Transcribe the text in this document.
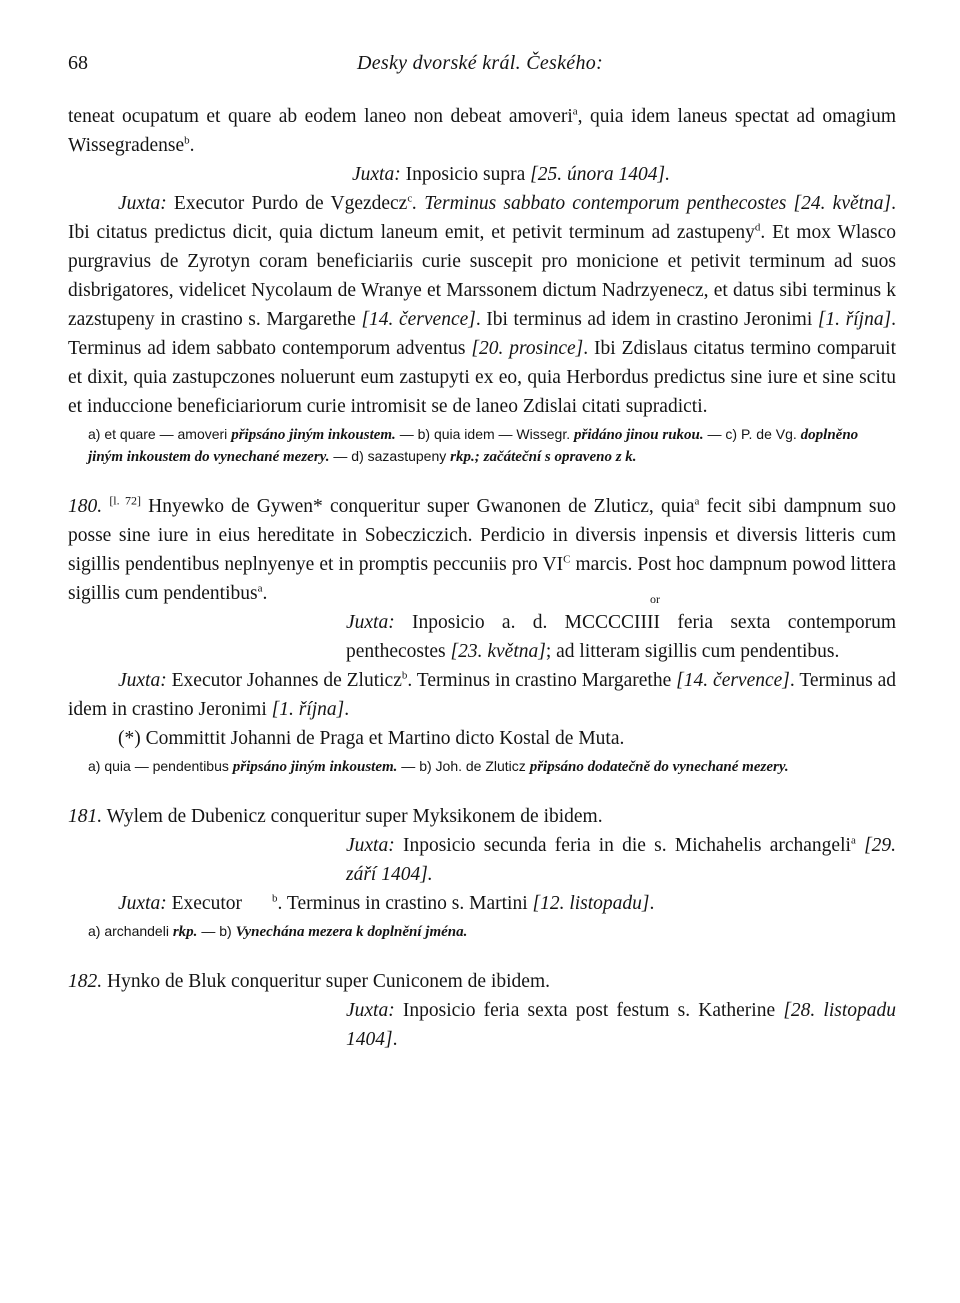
68	Desky dvorské král. Českého:

teneat ocupatum et quare ab eodem laneo non debeat amoveri$^a$, quia idem laneus spectat ad omagium Wissegradense$^b$.

Juxta: Inposicio supra [25. února 1404].

Juxta: Executor Purdo de Vgezdecz$^c$. Terminus sabbato contemporum penthecostes [24. května]. Ibi citatus predictus dicit, quia dictum laneum emit, et petivit terminum ad zastupeny$^d$. Et mox Wlasco purgravius de Zyrotyn coram beneficiariis curie suscepit pro monicione et petivit terminum ad suos disbrigatores, videlicet Nycolaum de Wranye et Marssonem dictum Nadrzyenecz, et datus sibi terminus k zazstupeny in crastino s. Margarethe [14. července]. Ibi terminus ad idem in crastino Jeronimi [1. října]. Terminus ad idem sabbato contemporum adventus [20. prosince]. Ibi Zdislaus citatus termino comparuit et dixit, quia zastupczones noluerunt eum zastupyti ex eo, quia Herbordus predictus sine iure et sine scitu et induccione beneficiariorum curie intromisit se de laneo Zdislai citati supradicti.

a) et quare — amoveri připsáno jiným inkoustem. — b) quia idem — Wissegr. přidáno jinou rukou. — c) P. de Vg. doplněno jiným inkoustem do vynechané mezery. — d) sazastupeny rkp.; začáteční s opraveno z k.

180. [l. 72] Hnyewko de Gywen* conqueritur super Gwanonen de Zluticz, quia$^a$ fecit sibi dampnum suo posse sine iure in eius hereditate in Sobecziczich. Perdicio in diversis inpensis et diversis litteris cum sigillis pendentibus neplnyenye et in promptis peccuniis pro $VI^C$ marcis. Post hoc dampnum powod littera sigillis cum pendentibus$^a$.

Juxta: Inposicio a. d. MCCCCIIII
or
feria sexta contemporum penthecostes [23. května]; ad litteram sigillis cum pendentibus.

Juxta: Executor Johannes de Zluticz$^b$. Terminus in crastino Margarethe [14. července]. Terminus ad idem in crastino Jeronimi [1. října].

(*) Committit Johanni de Praga et Martino dicto Kostal de Muta.

a) quia — pendentibus připsáno jiným inkoustem. — b) Joh. de Zluticz připsáno dodatečně do vynechané mezery.

181. Wylem de Dubenicz conqueritur super Myksikonem de ibidem.

Juxta: Inposicio secunda feria in die s. Michahelis archangeli$^a$ [29. září 1404].

Juxta: Executor	$^b$. Terminus in crastino s. Martini [12. listopadu].

a) archandeli rkp. — b) Vynechána mezera k doplnění jména.

182. Hynko de Bluk conqueritur super Cuniconem de ibidem.

Juxta: Inposicio feria sexta post festum s. Katherine [28. listopadu 1404].
